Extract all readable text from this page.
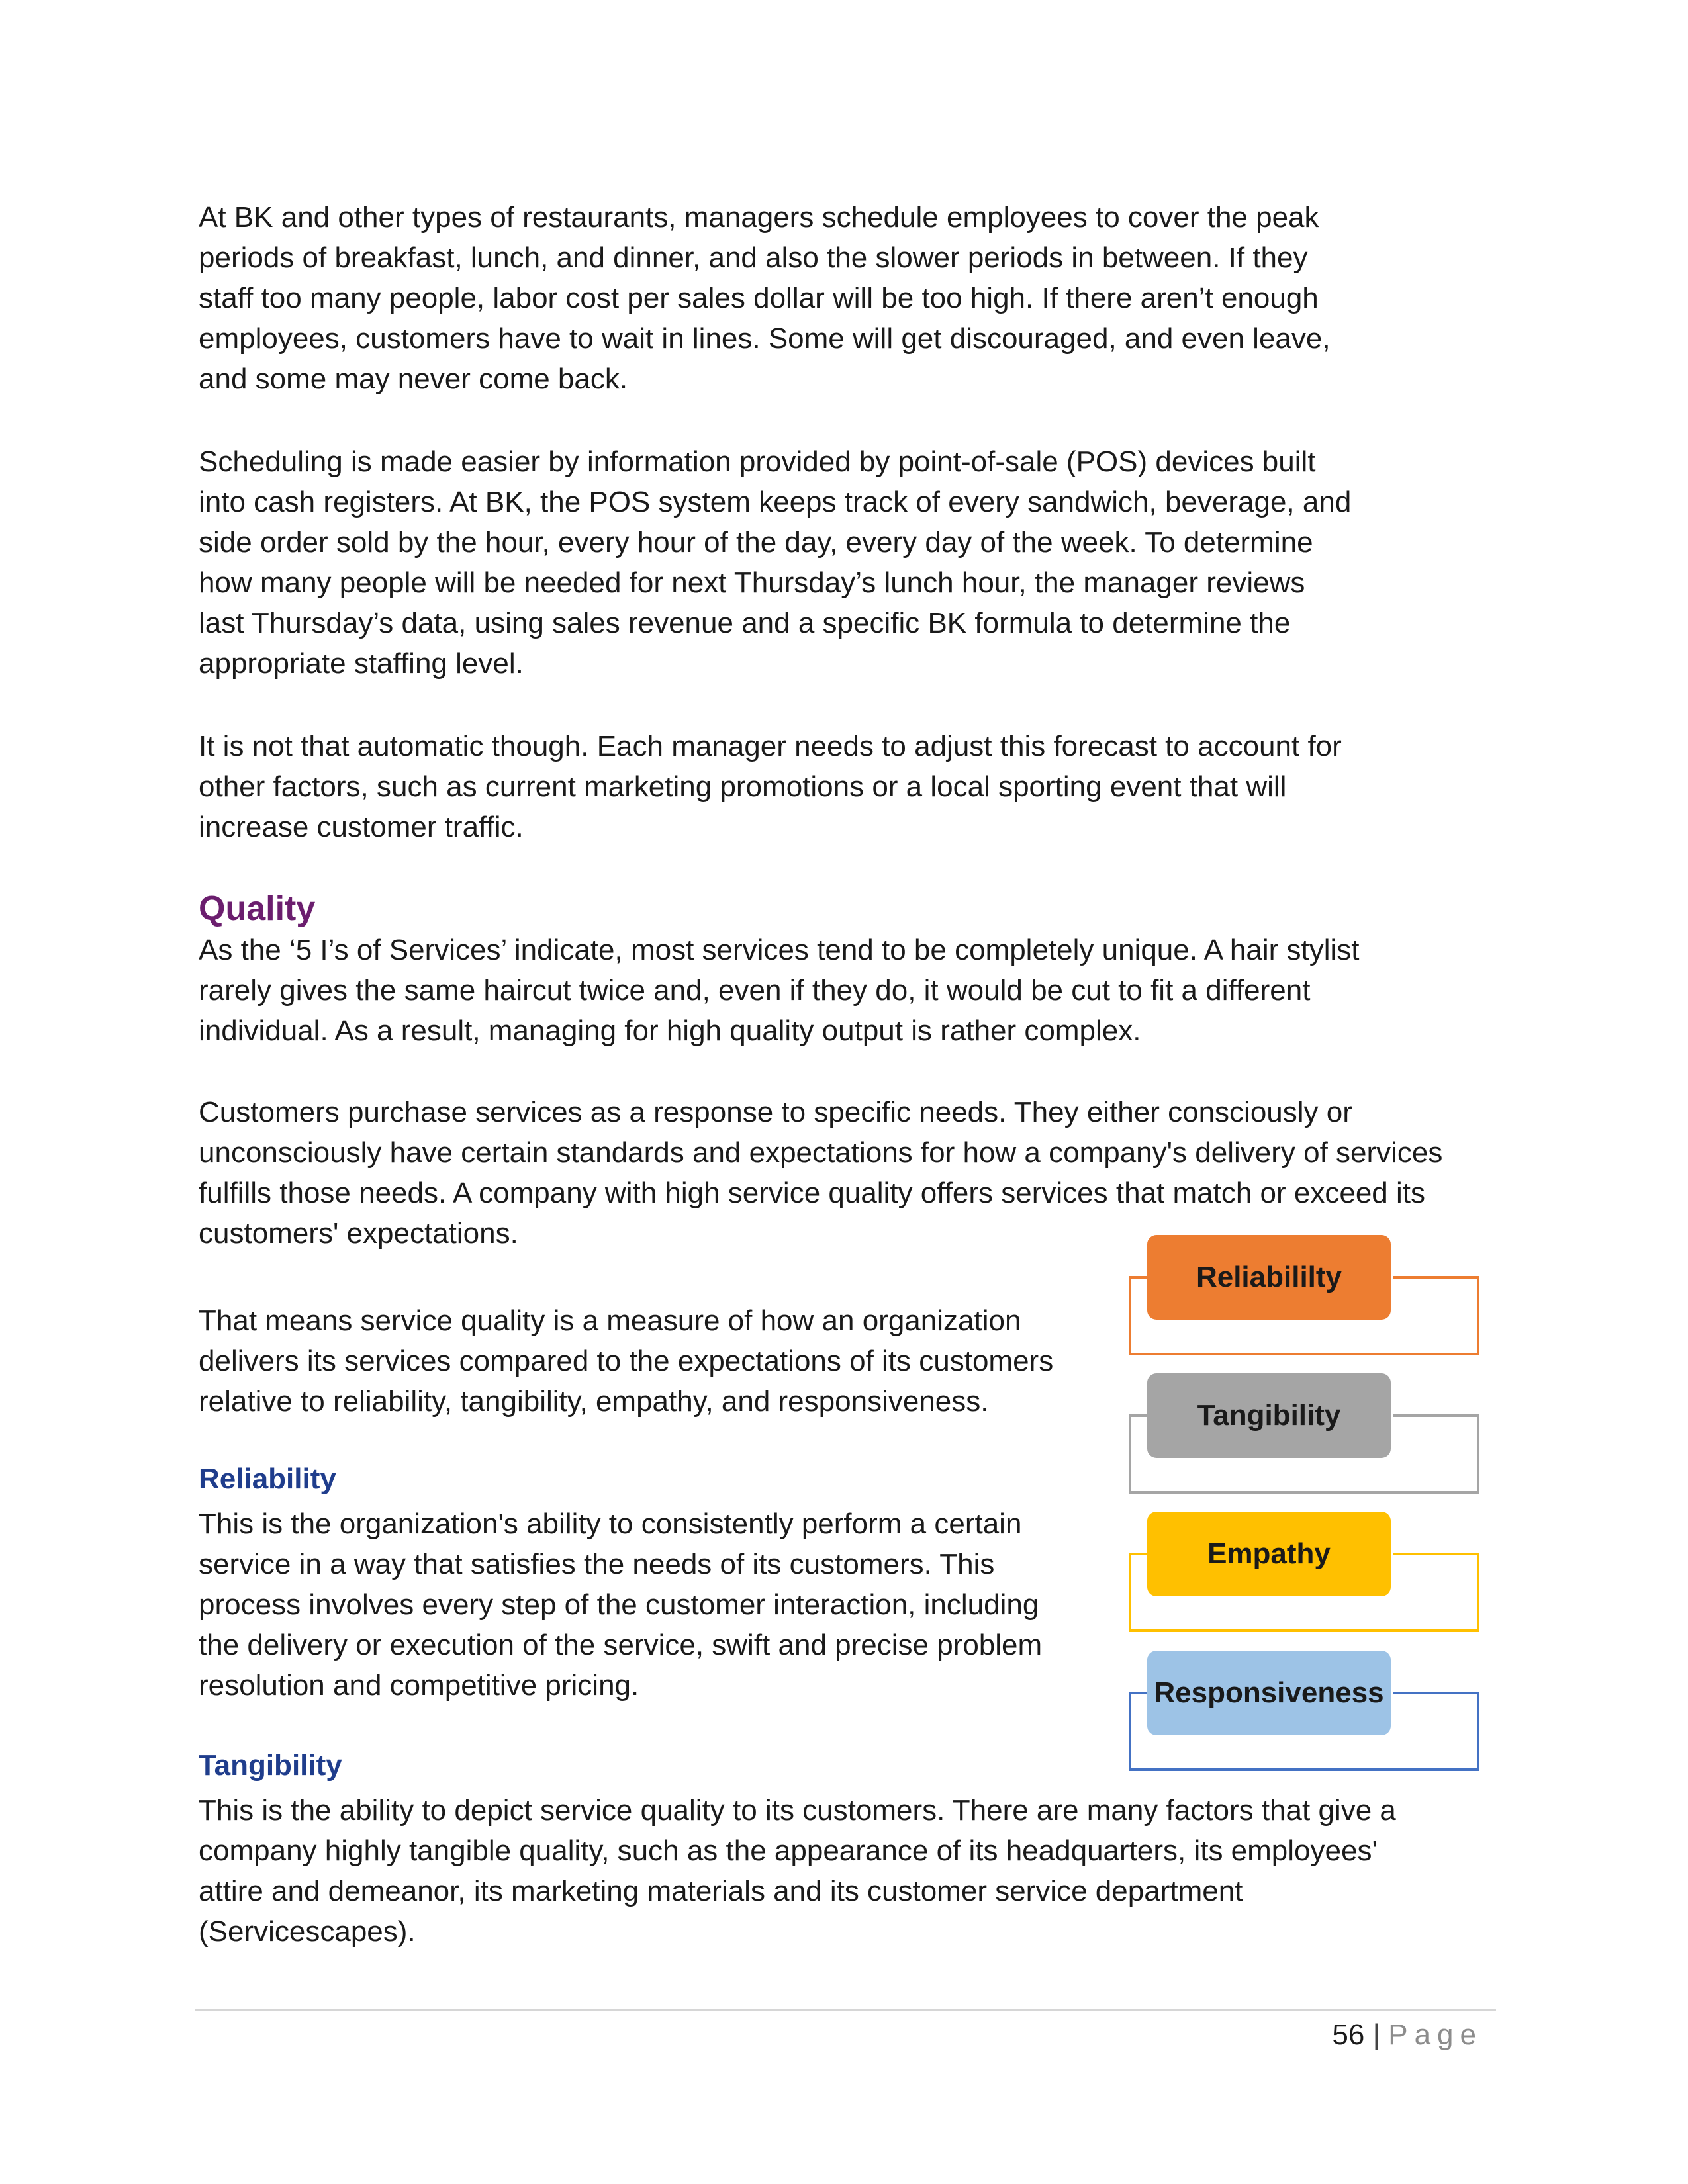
At BK and other types of restaurants, managers schedule employees to cover the peak
periods of breakfast, lunch, and dinner, and also the slower periods in between. If they
staff too many people, labor cost per sales dollar will be too high. If there aren’t enough
employees, customers have to wait in lines. Some will get discouraged, and even leave,
and some may never come back.
Scheduling is made easier by information provided by point-of-sale (POS) devices built
into cash registers. At BK, the POS system keeps track of every sandwich, beverage, and
side order sold by the hour, every hour of the day, every day of the week. To determine
how many people will be needed for next Thursday’s lunch hour, the manager reviews
last Thursday’s data, using sales revenue and a specific BK formula to determine the
appropriate staffing level.
It is not that automatic though. Each manager needs to adjust this forecast to account for
other factors, such as current marketing promotions or a local sporting event that will
increase customer traffic.
Quality
As the ‘5 I’s of Services’ indicate, most services tend to be completely unique. A hair stylist
rarely gives the same haircut twice and, even if they do, it would be cut to fit a different
individual. As a result, managing for high quality output is rather complex.
Customers purchase services as a response to specific needs. They either consciously or
unconsciously have certain standards and expectations for how a company's delivery of services
fulfills those needs. A company with high service quality offers services that match or exceed its
customers' expectations.
That means service quality is a measure of how an organization
delivers its services compared to the expectations of its customers
relative to reliability, tangibility, empathy, and responsiveness.
Reliability
This is the organization's ability to consistently perform a certain
service in a way that satisfies the needs of its customers. This
process involves every step of the customer interaction, including
the delivery or execution of the service, swift and precise problem
resolution and competitive pricing.
Tangibility
This is the ability to depict service quality to its customers. There are many factors that give a
company highly tangible quality, such as the appearance of its headquarters, its employees'
attire and demeanor, its marketing materials and its customer service department
(Servicescapes).
Reliabililty
Tangibility
Empathy
Responsiveness
56 | Page
